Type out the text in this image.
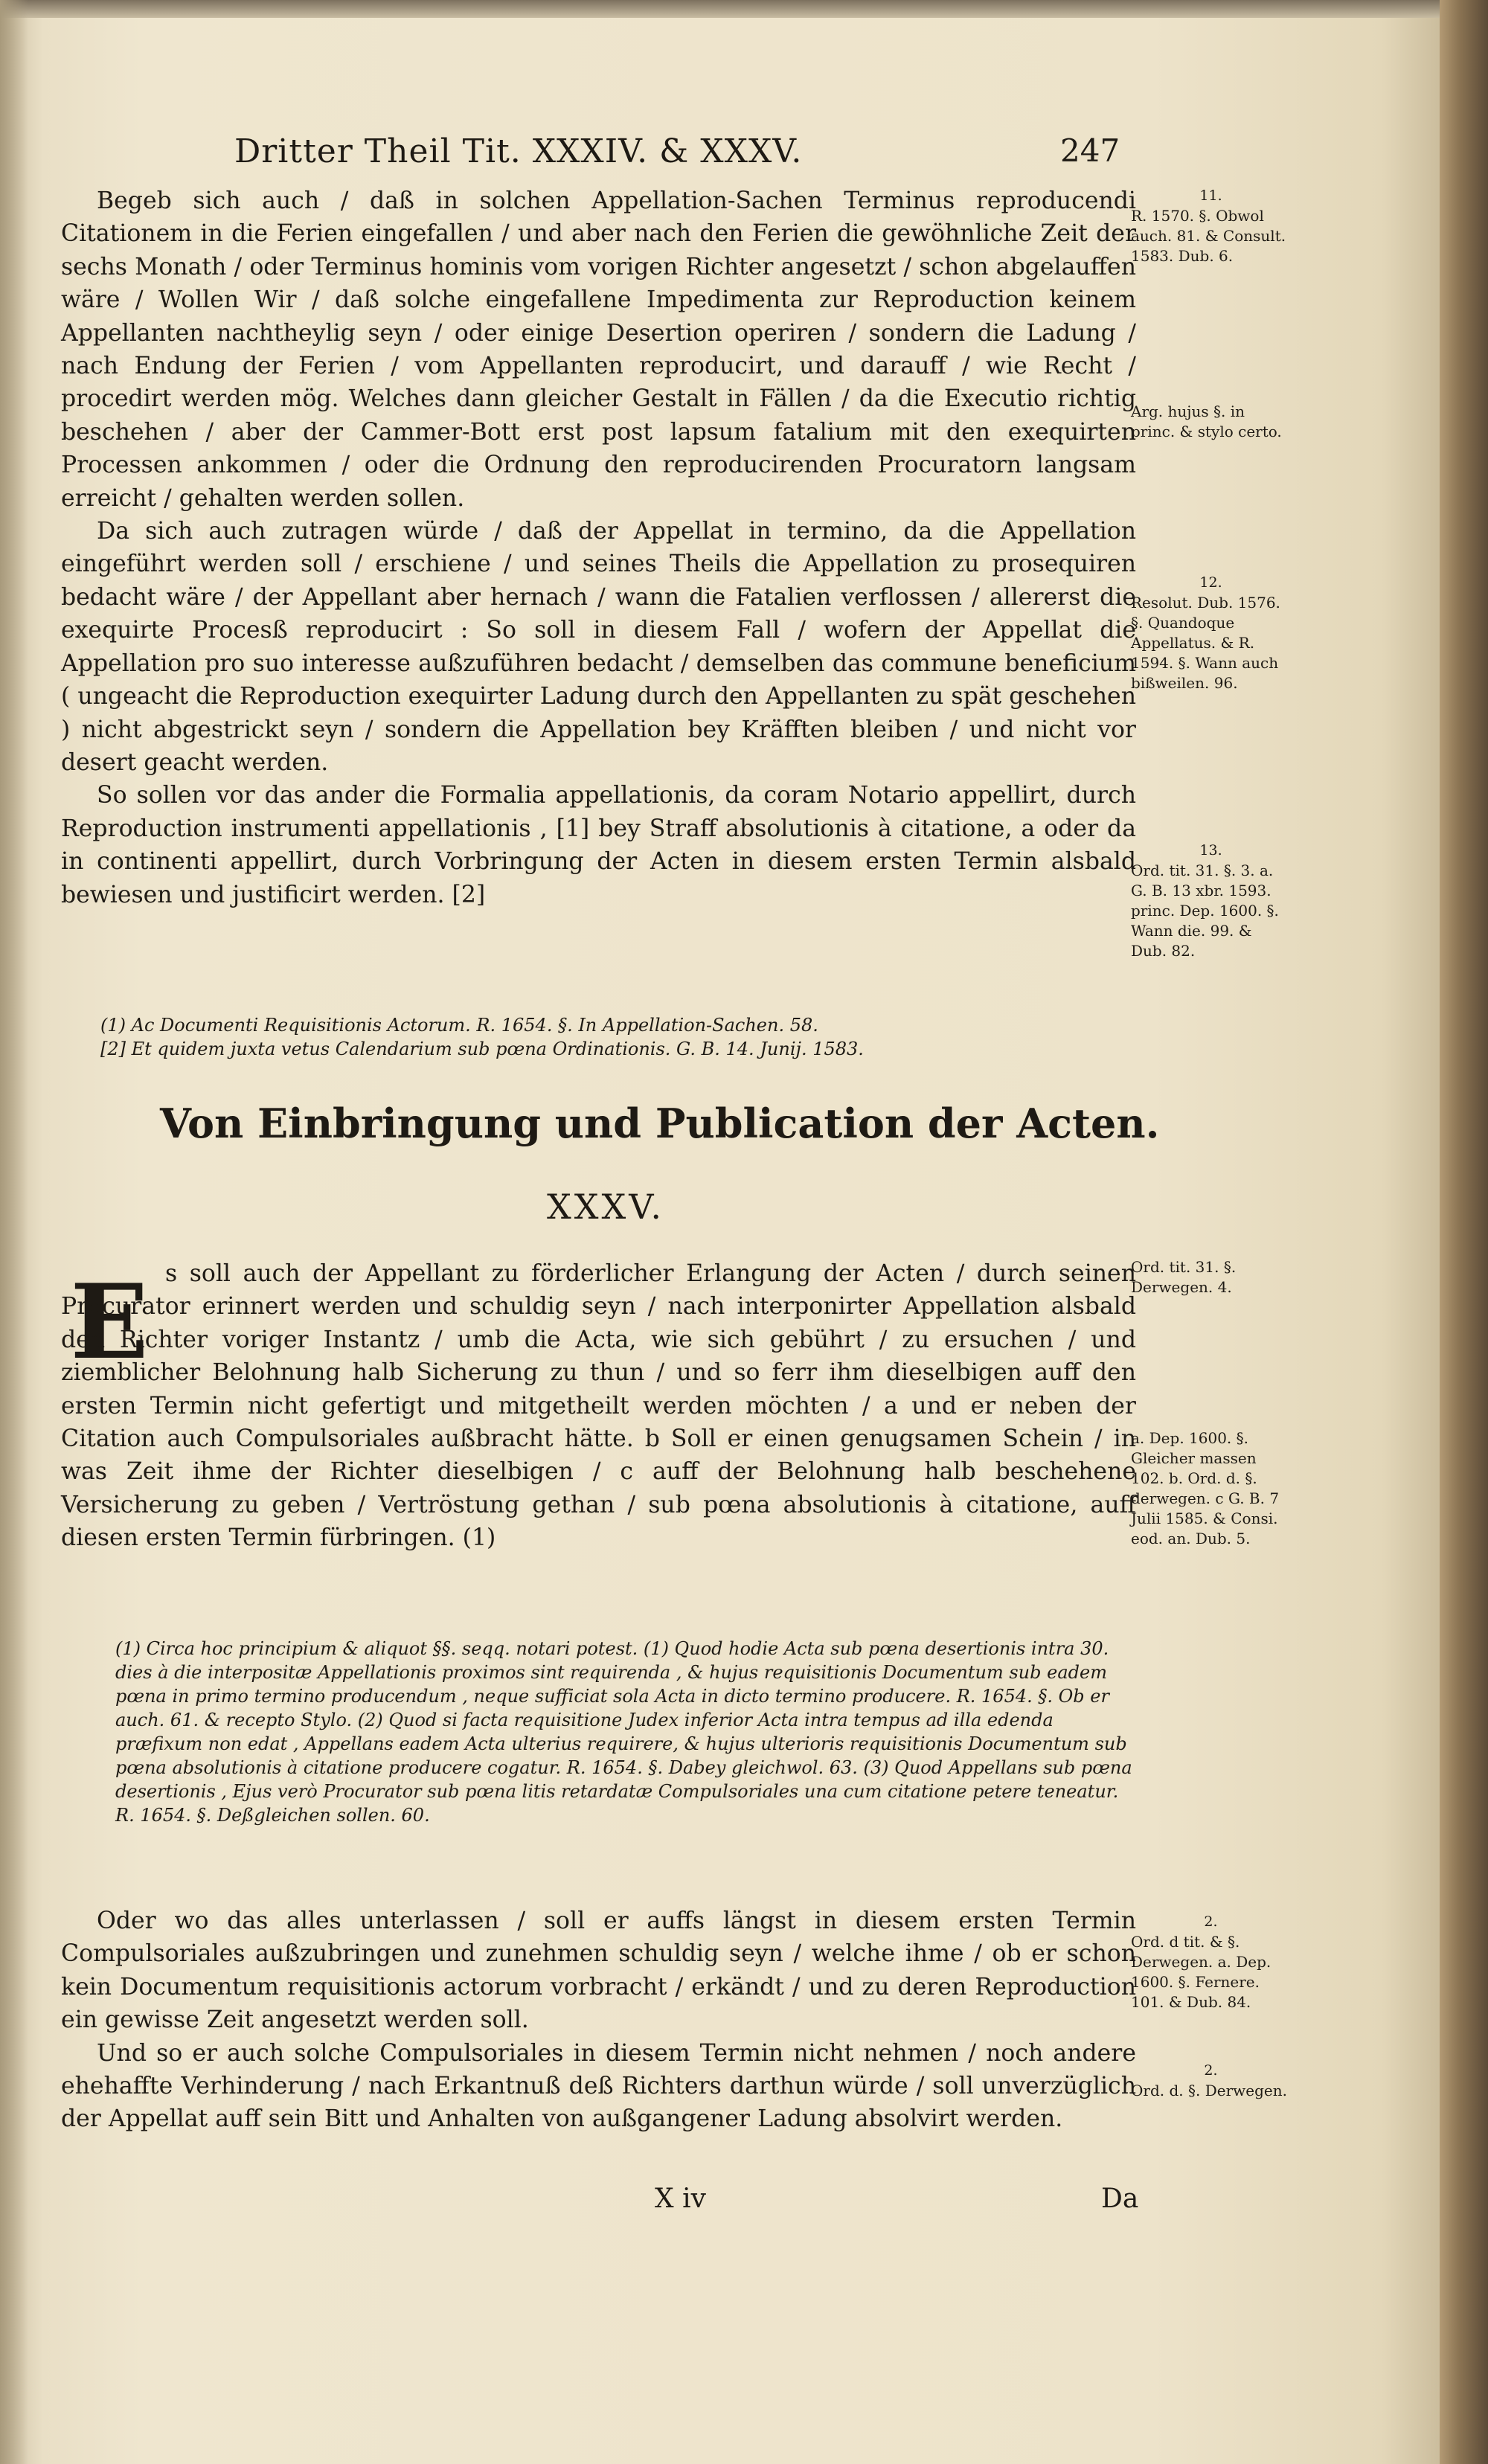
Dritter Theil Tit. XXXIV. & XXXV.	247

Begeb sich auch / daß in solchen Appellation-Sachen Terminus reproducendi Citationem in die Ferien eingefallen / und aber nach den Ferien die gewöhnliche Zeit der sechs Monath / oder Terminus hominis vom vorigen Richter angesetzt / schon abgelauffen wäre / Wollen Wir / daß solche eingefallene Impedimenta zur Reproduction keinem Appellanten nachtheylig seyn / oder einige Desertion operiren / sondern die Ladung / nach Endung der Ferien / vom Appellanten reproducirt, und darauff / wie Recht / procedirt werden mög. Welches dann gleicher Gestalt in Fällen / da die Executio richtig beschehen / aber der Cammer-Bott erst post lapsum fatalium mit den exequirten Processen ankommen / oder die Ordnung den reproducirenden Procuratorn langsam erreicht / gehalten werden sollen.

Da sich auch zutragen würde / daß der Appellat in termino, da die Appellation eingeführt werden soll / erschiene / und seines Theils die Appellation zu prosequiren bedacht wäre / der Appellant aber hernach / wann die Fatalien verflossen / allererst die exequirte Procesß reproducirt : So soll in diesem Fall / wofern der Appellat die Appellation pro suo interesse außzuführen bedacht / demselben das commune beneficium ( ungeacht die Reproduction exequirter Ladung durch den Appellanten zu spät geschehen ) nicht abgestrickt seyn / sondern die Appellation bey Kräfften bleiben / und nicht vor desert geacht werden.

So sollen vor das ander die Formalia appellationis, da coram Notario appellirt, durch Reproduction instrumenti appellationis , [1] bey Straff absolutionis à citatione, a oder da in continenti appellirt, durch Vorbringung der Acten in diesem ersten Termin alsbald bewiesen und justificirt werden. [2]

(1) Ac Documenti Requisitionis Actorum. R. 1654. §. In Appellation-Sachen. 58.

[2] Et quidem juxta vetus Calendarium sub pœna Ordinationis. G. B. 14. Junij. 1583.

Von Einbringung und Publication der Acten.
XXXV.
E s soll auch der Appellant zu förderlicher Erlangung der Acten / durch seinen Procurator erinnert werden und schuldig seyn / nach interponirter Appellation alsbald den Richter voriger Instantz / umb die Acta, wie sich gebührt / zu ersuchen / und ziemblicher Belohnung halb Sicherung zu thun / und so ferr ihm dieselbigen auff den ersten Termin nicht gefertigt und mitgetheilt werden möchten / a und er neben der Citation auch Compulsoriales außbracht hätte. b Soll er einen genugsamen Schein / in was Zeit ihme der Richter dieselbigen / c auff der Belohnung halb beschehene Versicherung zu geben / Vertröstung gethan / sub pœna absolutionis à citatione, auff diesen ersten Termin fürbringen. (1)

(1) Circa hoc principium & aliquot §§. seqq. notari potest. (1) Quod hodie Acta sub pœna desertionis intra 30. dies à die interpositæ Appellationis proximos sint requirenda , & hujus requisitionis Documentum sub eadem pœna in primo termino producendum , neque sufficiat sola Acta in dicto termino producere. R. 1654. §. Ob er auch. 61. & recepto Stylo. (2) Quod si facta requisitione Judex inferior Acta intra tempus ad illa edenda præfixum non edat , Appellans eadem Acta ulterius requirere, & hujus ulterioris requisitionis Documentum sub pœna absolutionis à citatione producere cogatur. R. 1654. §. Dabey gleichwol. 63. (3) Quod Appellans sub pœna desertionis , Ejus verò Procurator sub pœna litis retardatæ Compulsoriales una cum citatione petere teneatur. R. 1654. §. Deßgleichen sollen. 60.

Oder wo das alles unterlassen / soll er auffs längst in diesem ersten Termin Compulsoriales außzubringen und zunehmen schuldig seyn / welche ihme / ob er schon kein Documentum requisitionis actorum vorbracht / erkändt / und zu deren Reproduction ein gewisse Zeit angesetzt werden soll.

Und so er auch solche Compulsoriales in diesem Termin nicht nehmen / noch andere ehehaffte Verhinderung / nach Erkantnuß deß Richters darthun würde / soll unverzüglich der Appellat auff sein Bitt und Anhalten von außgangener Ladung absolvirt werden.

X iv	Da
11.
R. 1570. §. Obwol auch. 81. & Consult. 1583. Dub. 6.
Arg. hujus §. in princ. & stylo certo.
12.
Resolut. Dub. 1576. §. Quandoque Appellatus. & R. 1594. §. Wann auch bißweilen. 96.
13.
Ord. tit. 31. §. 3. a. G. B. 13 xbr. 1593. princ. Dep. 1600. §. Wann die. 99. & Dub. 82.
Ord. tit. 31. §. Derwegen. 4.
a. Dep. 1600. §. Gleicher massen 102. b. Ord. d. §. derwegen. c G. B. 7 Julii 1585. & Consi. eod. an. Dub. 5.
2.
Ord. d tit. & §. Derwegen. a. Dep. 1600. §. Fernere. 101. & Dub. 84.
2.
Ord. d. §. Derwegen.
